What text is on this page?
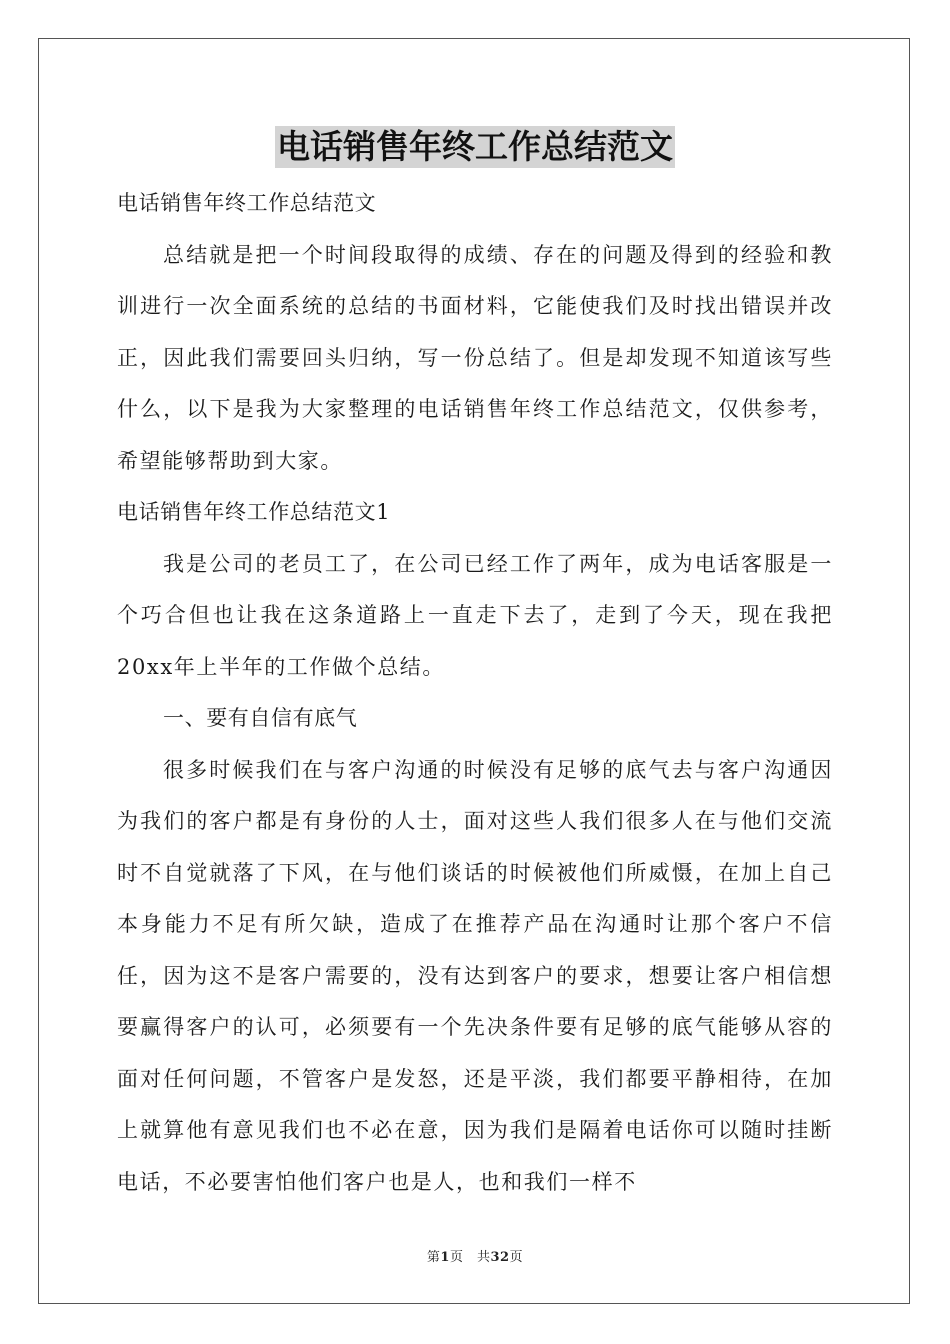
电话销售年终工作总结范文

电话销售年终工作总结范文

总结就是把一个时间段取得的成绩、存在的问题及得到的经验和教训进行一次全面系统的总结的书面材料，它能使我们及时找出错误并改正，因此我们需要回头归纳，写一份总结了。但是却发现不知道该写些什么，以下是我为大家整理的电话销售年终工作总结范文，仅供参考，希望能够帮助到大家。

电话销售年终工作总结范文1

我是公司的老员工了，在公司已经工作了两年，成为电话客服是一个巧合但也让我在这条道路上一直走下去了，走到了今天，现在我把20xx年上半年的工作做个总结。

一、要有自信有底气

很多时候我们在与客户沟通的时候没有足够的底气去与客户沟通因为我们的客户都是有身份的人士，面对这些人我们很多人在与他们交流时不自觉就落了下风，在与他们谈话的时候被他们所威慑，在加上自己本身能力不足有所欠缺，造成了在推荐产品在沟通时让那个客户不信任，因为这不是客户需要的，没有达到客户的要求，想要让客户相信想要赢得客户的认可，必须要有一个先决条件要有足够的底气能够从容的面对任何问题，不管客户是发怒，还是平淡，我们都要平静相待，在加上就算他有意见我们也不必在意，因为我们是隔着电话你可以随时挂断电话，不必要害怕他们客户也是人，也和我们一样不

第1页　共32页
